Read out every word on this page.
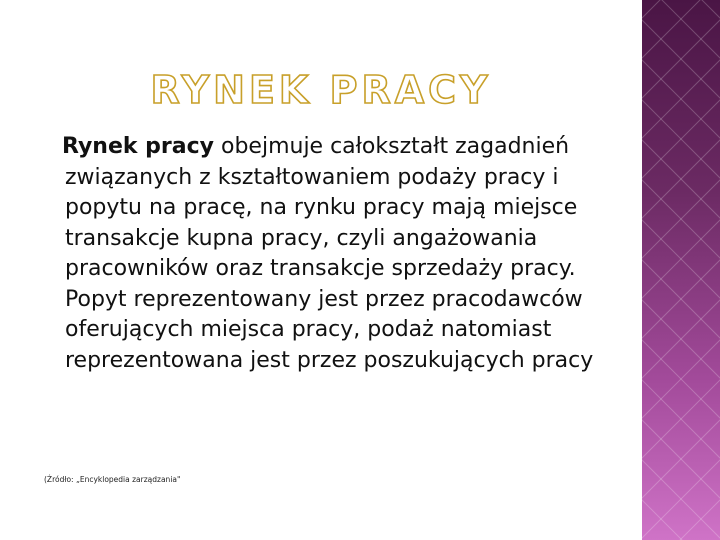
RYNEK PRACY
Rynek pracy obejmuje całokształt zagadnień związanych z kształtowaniem podaży pracy i popytu na pracę, na rynku pracy mają miejsce transakcje kupna pracy, czyli angażowania pracowników oraz transakcje sprzedaży pracy. Popyt reprezentowany jest przez pracodawców oferujących miejsca pracy, podaż natomiast reprezentowana jest przez poszukujących pracy
(Źródło: „Encyklopedia zarządzania"
